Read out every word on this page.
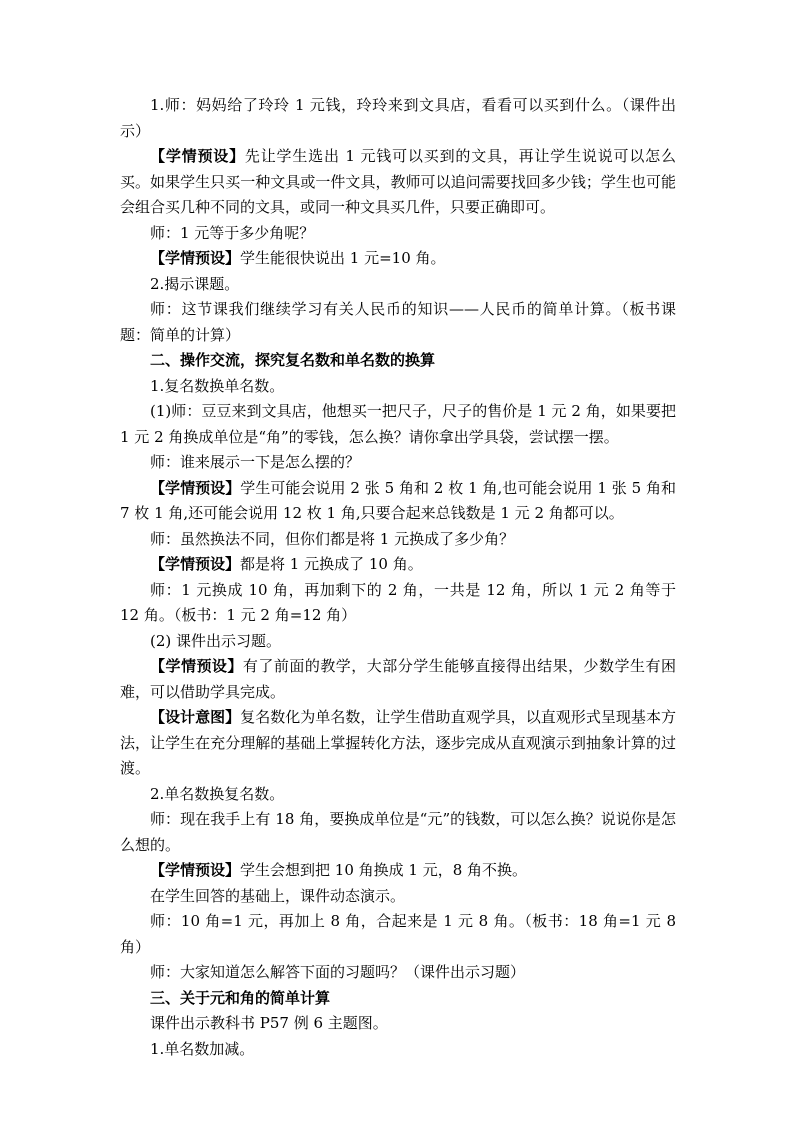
1.师：妈妈给了玲玲 1 元钱，玲玲来到文具店，看看可以买到什么。（课件出示）

【学情预设】先让学生选出 1 元钱可以买到的文具，再让学生说说可以怎么买。如果学生只买一种文具或一件文具，教师可以追问需要找回多少钱；学生也可能会组合买几种不同的文具，或同一种文具买几件，只要正确即可。

师：1 元等于多少角呢？

【学情预设】学生能很快说出 1 元=10 角。

2.揭示课题。

师：这节课我们继续学习有关人民币的知识——人民币的简单计算。（板书课题：简单的计算）

二、操作交流，探究复名数和单名数的换算

1.复名数换单名数。

(1)师：豆豆来到文具店，他想买一把尺子，尺子的售价是 1 元 2 角，如果要把 1 元 2 角换成单位是“角”的零钱，怎么换？请你拿出学具袋，尝试摆一摆。

师：谁来展示一下是怎么摆的？

【学情预设】学生可能会说用 2 张 5 角和 2 枚 1 角,也可能会说用 1 张 5 角和 7 枚 1 角,还可能会说用 12 枚 1 角,只要合起来总钱数是 1 元 2 角都可以。

师：虽然换法不同，但你们都是将 1 元换成了多少角？

【学情预设】都是将 1 元换成了 10 角。

师：1 元换成 10 角，再加剩下的 2 角，一共是 12 角，所以 1 元 2 角等于 12 角。（板书：1 元 2 角=12 角）

(2) 课件出示习题。

【学情预设】有了前面的教学，大部分学生能够直接得出结果，少数学生有困难，可以借助学具完成。

【设计意图】复名数化为单名数，让学生借助直观学具，以直观形式呈现基本方法，让学生在充分理解的基础上掌握转化方法，逐步完成从直观演示到抽象计算的过渡。

2.单名数换复名数。

师：现在我手上有 18 角，要换成单位是“元”的钱数，可以怎么换？说说你是怎么想的。

【学情预设】学生会想到把 10 角换成 1 元，8 角不换。

在学生回答的基础上，课件动态演示。

师：10 角=1 元，再加上 8 角，合起来是 1 元 8 角。（板书：18 角=1 元 8 角）

师：大家知道怎么解答下面的习题吗？（课件出示习题）

三、关于元和角的简单计算

课件出示教科书 P57 例 6 主题图。

1.单名数加减。
